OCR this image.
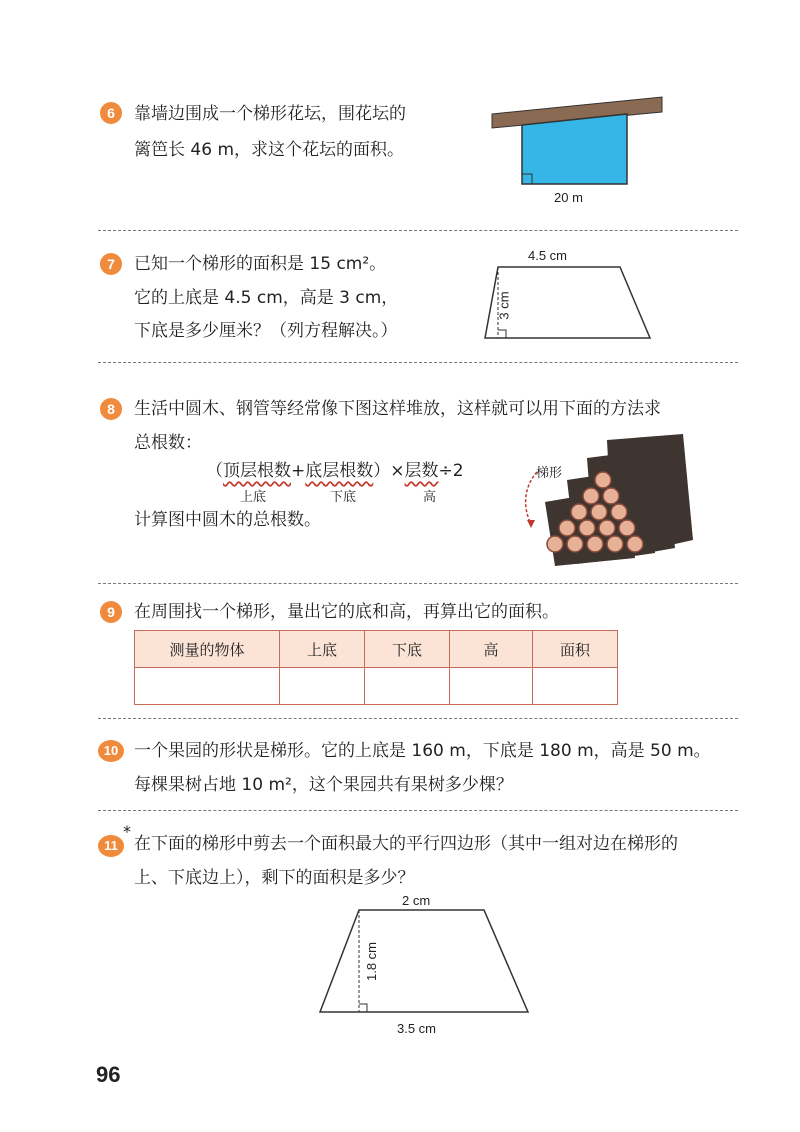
6	靠墙边围成一个梯形花坛，围花坛的
篱笆长 46 m，求这个花坛的面积。
20 m
7	已知一个梯形的面积是 15 cm²。
它的上底是 4.5 cm，高是 3 cm，
下底是多少厘米？（列方程解决。）
4.5 cm
3 cm
8	生活中圆木、钢管等经常像下图这样堆放，这样就可以用下面的方法求
总根数：
（顶层根数+底层根数）×层数÷2
上底	下底	高
计算图中圆木的总根数。
梯形
9	在周围找一个梯形，量出它的底和高，再算出它的面积。
测量的物体	上底	下底	高	面积

10 一个果园的形状是梯形。它的上底是 160 m，下底是 180 m，高是 50 m。
每棵果树占地 10 m²，这个果园共有果树多少棵？
11
*
在下面的梯形中剪去一个面积最大的平行四边形（其中一组对边在梯形的
上、下底边上），剩下的面积是多少？
2 cm
1.8 cm
3.5 cm
96
